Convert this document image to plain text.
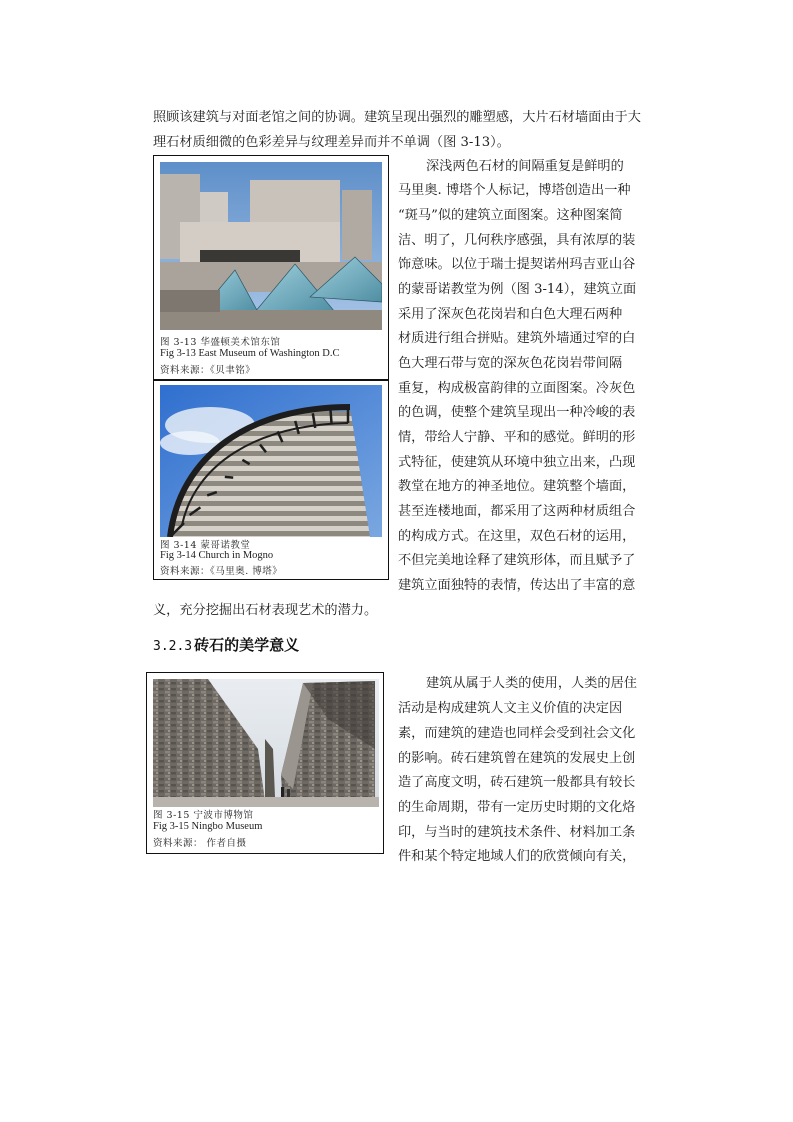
照顾该建筑与对面老馆之间的协调。建筑呈现出强烈的雕塑感，大片石材墙面由于大
理石材质细微的色彩差异与纹理差异而并不单调（图 3-13）。
深浅两色石材的间隔重复是鲜明的
马里奥. 博塔个人标记，博塔创造出一种
“斑马”似的建筑立面图案。这种图案简
洁、明了，几何秩序感强，具有浓厚的装
饰意味。以位于瑞士提契诺州玛吉亚山谷
的蒙哥诺教堂为例（图 3-14），建筑立面
采用了深灰色花岗岩和白色大理石两种
材质进行组合拼贴。建筑外墙通过窄的白
色大理石带与宽的深灰色花岗岩带间隔
重复，构成极富韵律的立面图案。冷灰色
的色调，使整个建筑呈现出一种冷峻的表
情，带给人宁静、平和的感觉。鲜明的形
式特征，使建筑从环境中独立出来，凸现
教堂在地方的神圣地位。建筑整个墙面，
甚至连楼地面，都采用了这两种材质组合
的构成方式。在这里，双色石材的运用，
不但完美地诠释了建筑形体，而且赋予了
建筑立面独特的表情，传达出了丰富的意
义，充分挖掘出石材表现艺术的潜力。
图 3-13 华盛顿美术馆东馆
Fig 3-13 East Museum of Washington D.C
资料来源：《贝聿铭》
图 3-14 蒙哥诺教堂
Fig 3-14 Church in Mogno
资料来源：《马里奥. 博塔》
3.2.3 砖石的美学意义
图 3-15 宁波市博物馆
Fig 3-15 Ningbo Museum
资料来源： 作者自摄
建筑从属于人类的使用，人类的居住
活动是构成建筑人文主义价值的决定因
素，而建筑的建造也同样会受到社会文化
的影响。砖石建筑曾在建筑的发展史上创
造了高度文明，砖石建筑一般都具有较长
的生命周期，带有一定历史时期的文化烙
印，与当时的建筑技术条件、材料加工条
件和某个特定地域人们的欣赏倾向有关，
